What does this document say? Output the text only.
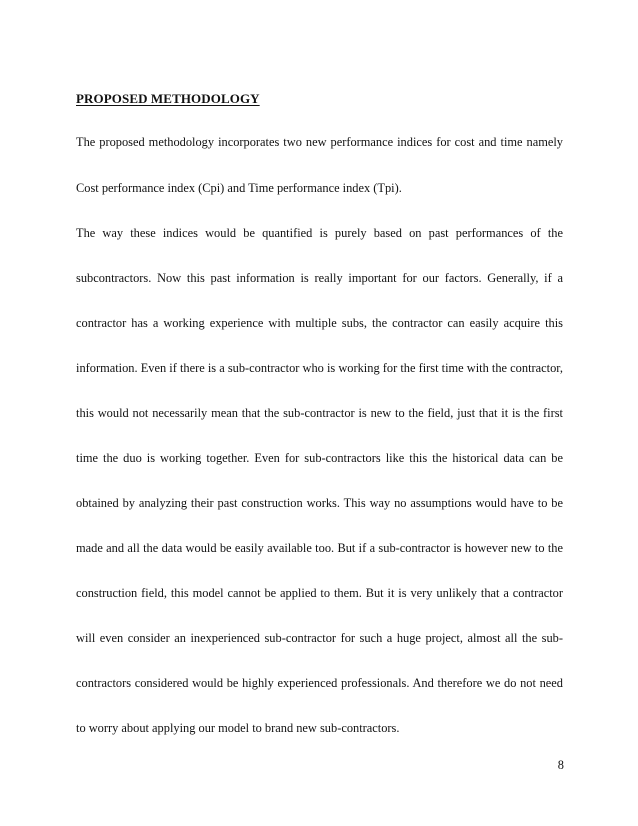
PROPOSED METHODOLOGY
The proposed methodology incorporates two new performance indices for cost and time namely
Cost performance index (Cpi) and Time performance index (Tpi).
The way these indices would be quantified is purely based on past performances of the
subcontractors. Now this past information is really important for our factors. Generally, if a
contractor has a working experience with multiple subs, the contractor can easily acquire this
information. Even if there is a sub-contractor who is working for the first time with the contractor,
this would not necessarily mean that the sub-contractor is new to the field, just that it is the first
time the duo is working together. Even for sub-contractors like this the historical data can be
obtained by analyzing their past construction works. This way no assumptions would have to be
made and all the data would be easily available too. But if a sub-contractor is however new to the
construction field, this model cannot be applied to them. But it is very unlikely that a contractor
will even consider an inexperienced sub-contractor for such a huge project, almost all the sub-
contractors considered would be highly experienced professionals. And therefore we do not need
to worry about applying our model to brand new sub-contractors.
8
